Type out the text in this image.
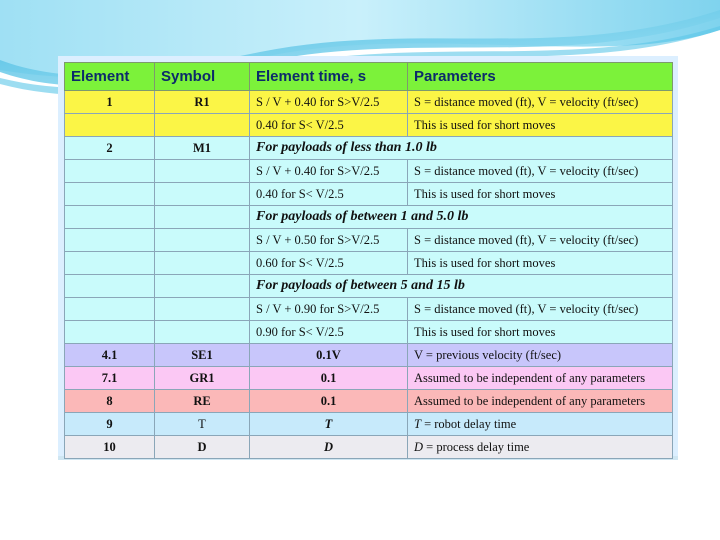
Element	Symbol	Element time, s	Parameters
1	R1	S / V + 0.40 for S>V/2.5	S = distance moved (ft), V = velocity (ft/sec)
		0.40 for S< V/2.5	This is used for short moves
2	M1	For payloads of less than 1.0 lb	
		S / V + 0.40 for S>V/2.5	S = distance moved (ft), V = velocity (ft/sec)
		0.40 for S< V/2.5	This is used for short moves
		For payloads of between 1 and 5.0 lb	
		S / V + 0.50 for S>V/2.5	S = distance moved (ft), V = velocity (ft/sec)
		0.60 for S< V/2.5	This is used for short moves
		For payloads of between 5 and 15 lb	
		S / V + 0.90 for S>V/2.5	S = distance moved (ft), V = velocity (ft/sec)
		0.90 for S< V/2.5	This is used for short moves
4.1	SE1	0.1V	V = previous velocity (ft/sec)
7.1	GR1	0.1	Assumed to be independent of any parameters
8	RE	0.1	Assumed to be independent of any parameters
9	T	T	T = robot delay time
10	D	D	D = process delay time
